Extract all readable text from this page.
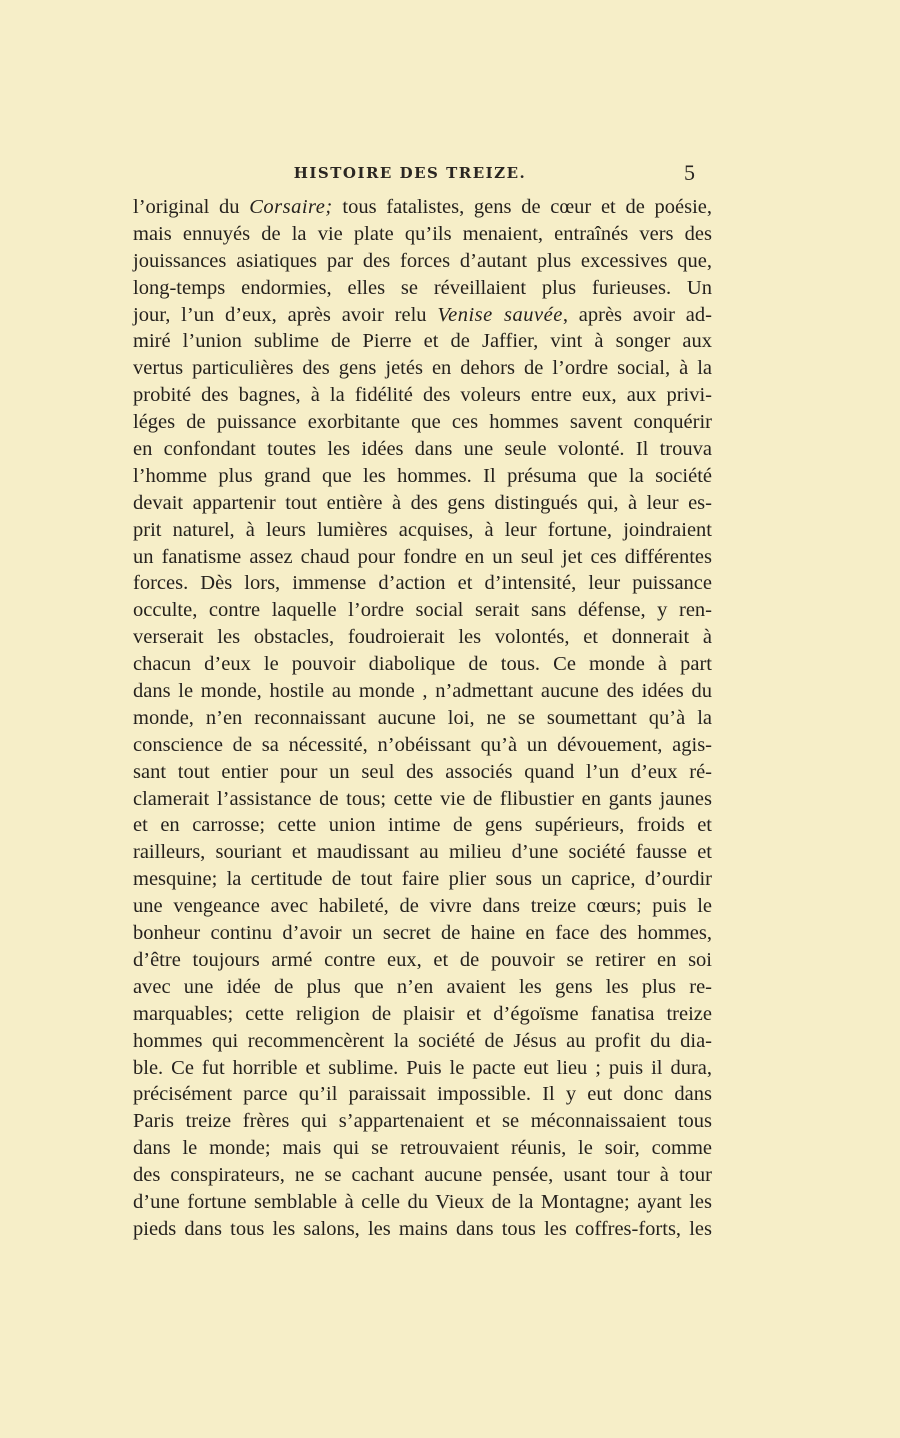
HISTOIRE DES TREIZE.	5
l’original du Corsaire; tous fatalistes, gens de cœur et de poésie,
mais ennuyés de la vie plate qu’ils menaient, entraînés vers des
jouissances asiatiques par des forces d’autant plus excessives que,
long-temps endormies, elles se réveillaient plus furieuses. Un
jour, l’un d’eux, après avoir relu Venise sauvée, après avoir ad-
miré l’union sublime de Pierre et de Jaffier, vint à songer aux
vertus particulières des gens jetés en dehors de l’ordre social, à la
probité des bagnes, à la fidélité des voleurs entre eux, aux privi-
léges de puissance exorbitante que ces hommes savent conquérir
en confondant toutes les idées dans une seule volonté. Il trouva
l’homme plus grand que les hommes. Il présuma que la société
devait appartenir tout entière à des gens distingués qui, à leur es-
prit naturel, à leurs lumières acquises, à leur fortune, joindraient
un fanatisme assez chaud pour fondre en un seul jet ces différentes
forces. Dès lors, immense d’action et d’intensité, leur puissance
occulte, contre laquelle l’ordre social serait sans défense, y ren-
verserait les obstacles, foudroierait les volontés, et donnerait à
chacun d’eux le pouvoir diabolique de tous. Ce monde à part
dans le monde, hostile au monde , n’admettant aucune des idées du
monde, n’en reconnaissant aucune loi, ne se soumettant qu’à la
conscience de sa nécessité, n’obéissant qu’à un dévouement, agis-
sant tout entier pour un seul des associés quand l’un d’eux ré-
clamerait l’assistance de tous; cette vie de flibustier en gants jaunes
et en carrosse; cette union intime de gens supérieurs, froids et
railleurs, souriant et maudissant au milieu d’une société fausse et
mesquine; la certitude de tout faire plier sous un caprice, d’ourdir
une vengeance avec habileté, de vivre dans treize cœurs; puis le
bonheur continu d’avoir un secret de haine en face des hommes,
d’être toujours armé contre eux, et de pouvoir se retirer en soi
avec une idée de plus que n’en avaient les gens les plus re-
marquables; cette religion de plaisir et d’égoïsme fanatisa treize
hommes qui recommencèrent la société de Jésus au profit du dia-
ble. Ce fut horrible et sublime. Puis le pacte eut lieu ; puis il dura,
précisément parce qu’il paraissait impossible. Il y eut donc dans
Paris treize frères qui s’appartenaient et se méconnaissaient tous
dans le monde; mais qui se retrouvaient réunis, le soir, comme
des conspirateurs, ne se cachant aucune pensée, usant tour à tour
d’une fortune semblable à celle du Vieux de la Montagne; ayant les
pieds dans tous les salons, les mains dans tous les coffres-forts, les
